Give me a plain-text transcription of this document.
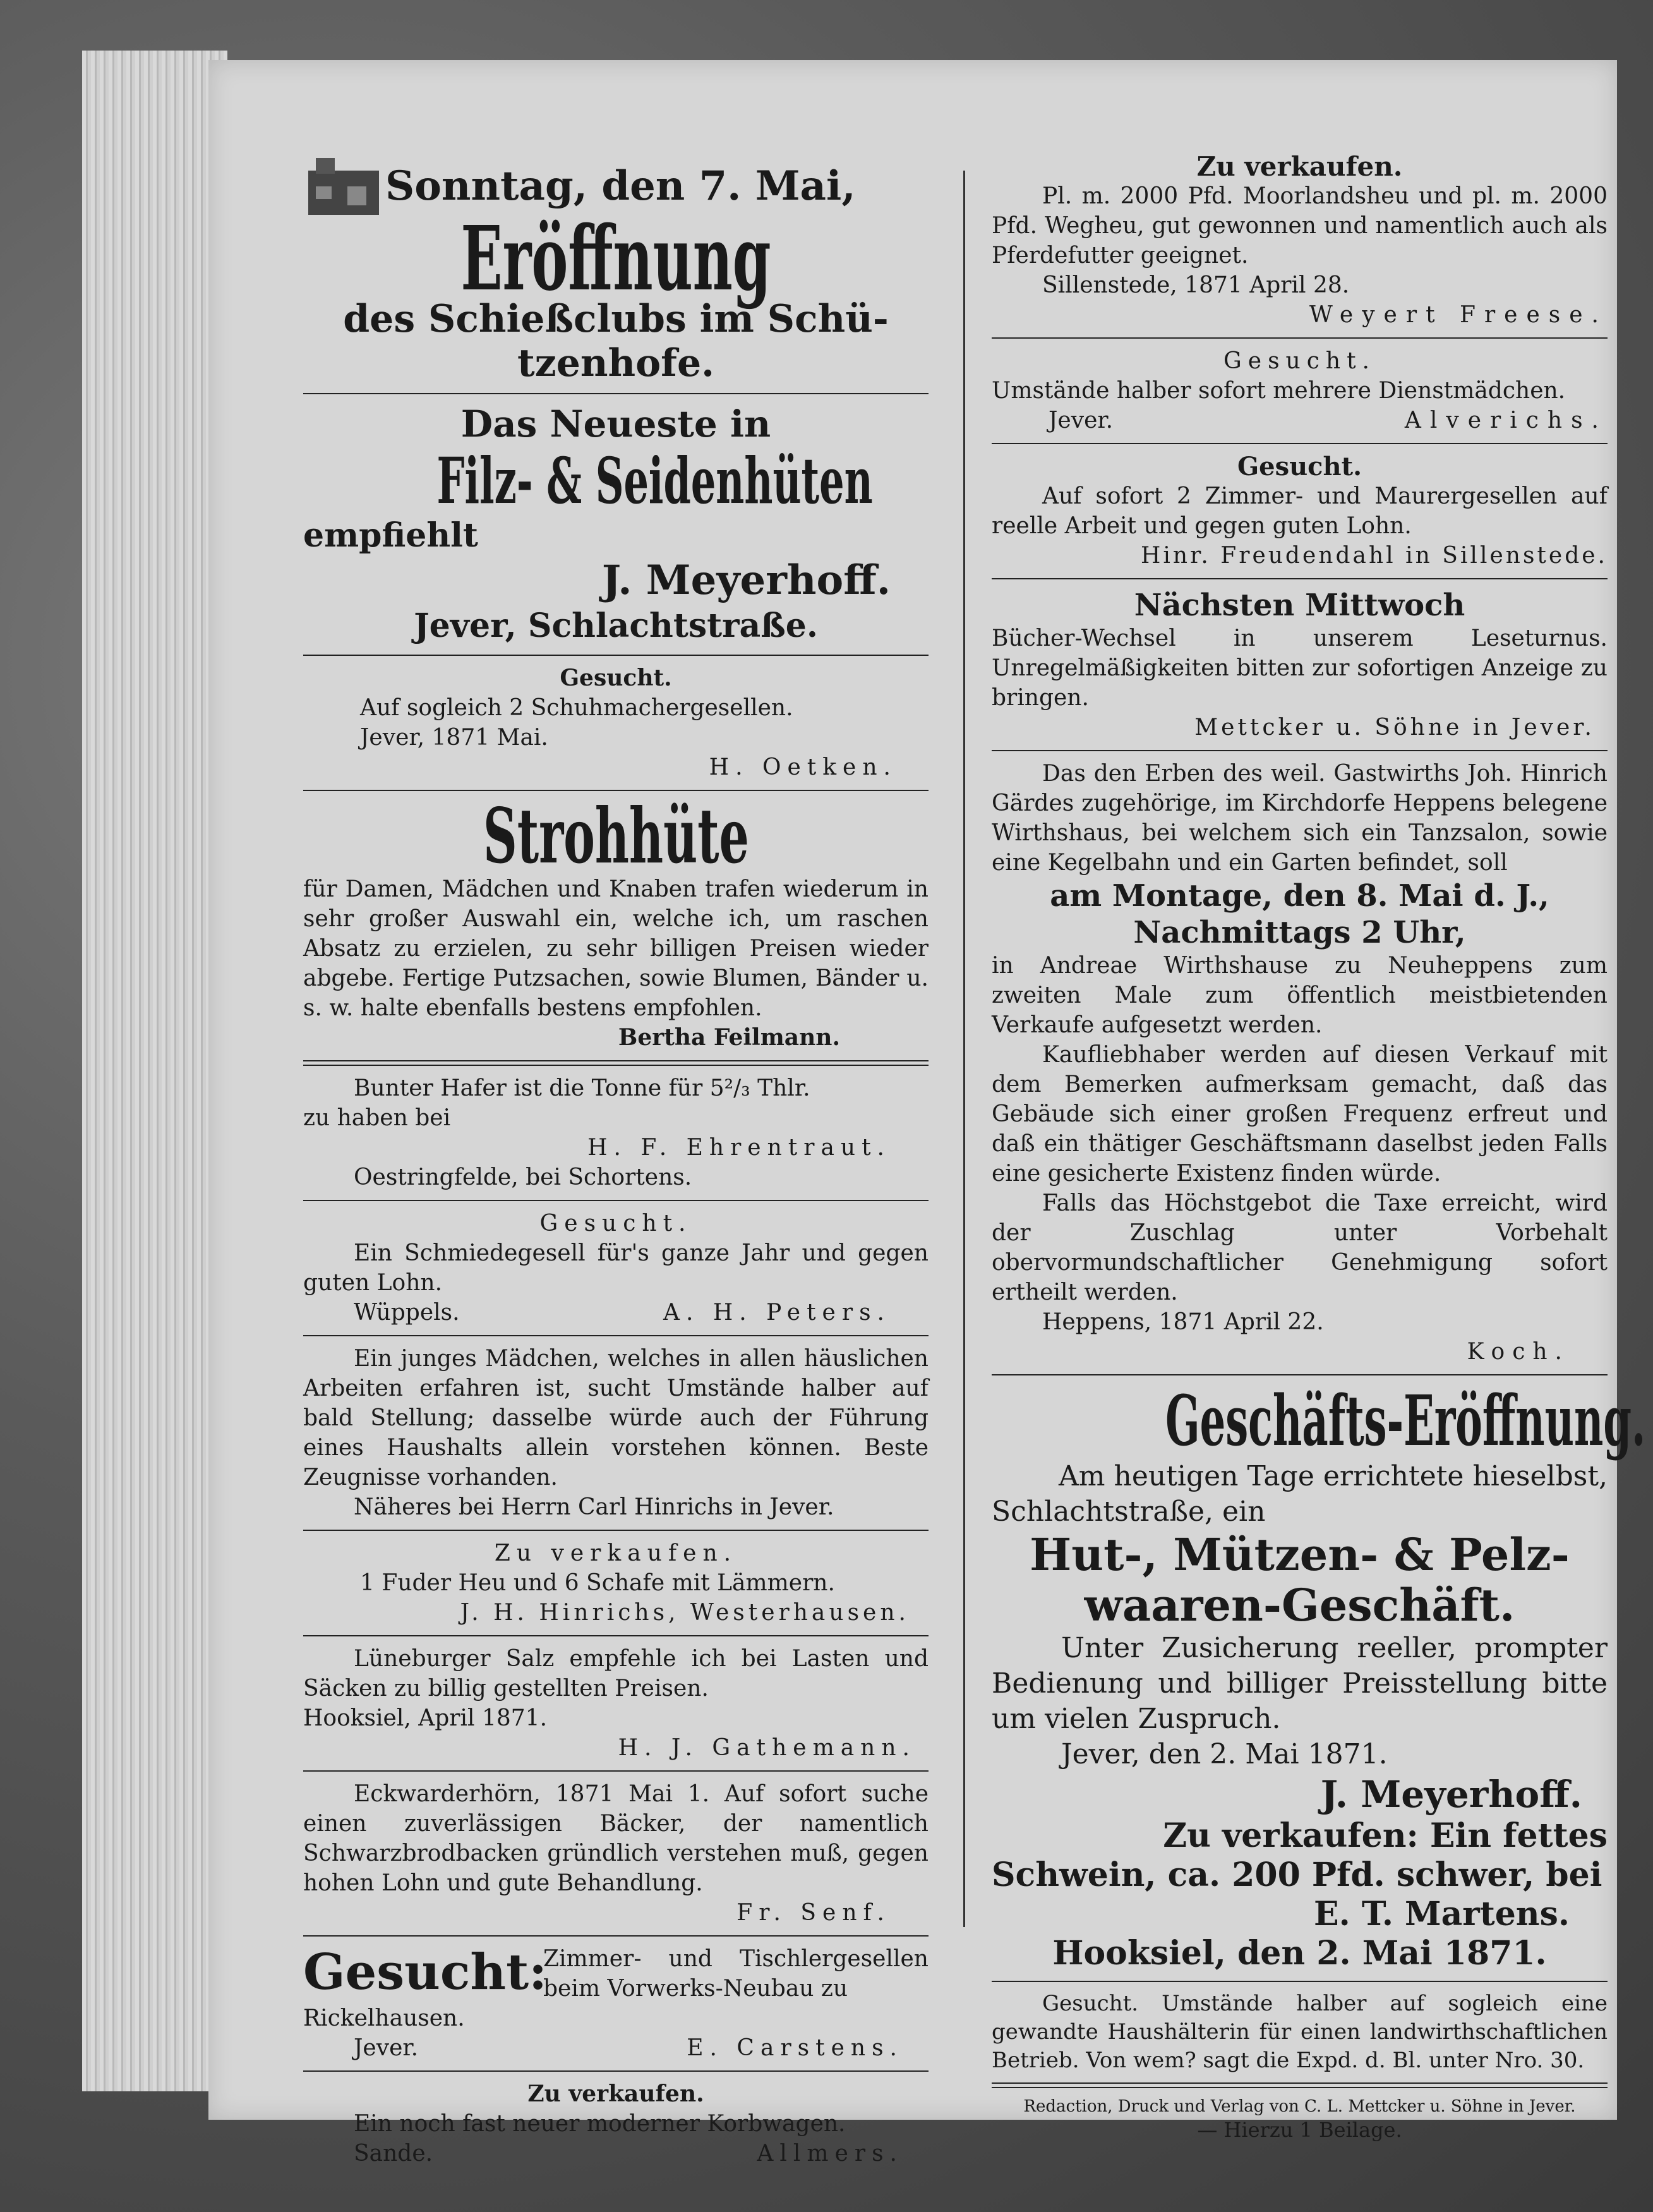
Sonntag, den 7. Mai,
Eröffnung
des Schießclubs im Schü-
tzenhofe.
Das Neueste in
Filz- & Seidenhüten
empfiehlt
J. Meyerhoff.
Jever, Schlachtstraße.
Gesucht.
Auf sogleich 2 Schuhmachergesellen.
Jever, 1871 Mai.
H. Oetken.
Strohhüte

für Damen, Mädchen und Knaben trafen wiederum in sehr großer Auswahl ein, welche ich, um raschen Absatz zu erzielen, zu sehr billigen Preisen wieder abgebe. Fertige Putzsachen, sowie Blumen, Bänder u. s. w. halte ebenfalls bestens empfohlen.

Bertha Feilmann.
Bunter Hafer ist die Tonne für 5²/₃ Thlr.
zu haben bei
H. F. Ehrentraut.
Oestringfelde, bei Schortens.
Gesucht.

Ein Schmiedegesell für's ganze Jahr und gegen guten Lohn.

Wüppels.	A. H. Peters.

Ein junges Mädchen, welches in allen häuslichen Arbeiten erfahren ist, sucht Umstände halber auf bald Stellung; dasselbe würde auch der Führung eines Haushalts allein vorstehen können. Beste Zeugnisse vorhanden.

Näheres bei Herrn Carl Hinrichs in Jever.
Zu verkaufen.
1 Fuder Heu und 6 Schafe mit Lämmern.
J. H. Hinrichs, Westerhausen.

Lüneburger Salz empfehle ich bei Lasten und Säcken zu billig gestellten Preisen.

Hooksiel, April 1871.
H. J. Gathemann.

Eckwarderhörn, 1871 Mai 1. Auf sofort suche einen zuverlässigen Bäcker, der namentlich Schwarzbrodbacken gründlich verstehen muß, gegen hohen Lohn und gute Behandlung.

Fr. Senf.
Gesucht:
Zimmer- und Tischlergesellen beim Vorwerks-Neubau zu
Rickelhausen.
Jever.	E. Carstens.
Zu verkaufen.
Ein noch fast neuer moderner Korbwagen.
Sande.	Allmers.
Zu verkaufen.

Pl. m. 2000 Pfd. Moorlandsheu und pl. m. 2000 Pfd. Wegheu, gut gewonnen und namentlich auch als Pferdefutter geeignet.

Sillenstede, 1871 April 28.
Weyert Freese.
Gesucht.
Umstände halber sofort mehrere Dienstmädchen.
Jever.	Alverichs.
Gesucht.

Auf sofort 2 Zimmer- und Maurergesellen auf reelle Arbeit und gegen guten Lohn.

Hinr. Freudendahl in Sillenstede.
Nächsten Mittwoch

Bücher-Wechsel in unserem Leseturnus. Unregelmäßigkeiten bitten zur sofortigen Anzeige zu bringen.

Mettcker u. Söhne in Jever.

Das den Erben des weil. Gastwirths Joh. Hinrich Gärdes zugehörige, im Kirchdorfe Heppens belegene Wirthshaus, bei welchem sich ein Tanzsalon, sowie eine Kegelbahn und ein Garten befindet, soll

am Montage, den 8. Mai d. J.,
Nachmittags 2 Uhr,

in Andreae Wirthshause zu Neuheppens zum zweiten Male zum öffentlich meistbietenden Verkaufe aufgesetzt werden.

Kaufliebhaber werden auf diesen Verkauf mit dem Bemerken aufmerksam gemacht, daß das Gebäude sich einer großen Frequenz erfreut und daß ein thätiger Geschäftsmann daselbst jeden Falls eine gesicherte Existenz finden würde.

Falls das Höchstgebot die Taxe erreicht, wird der Zuschlag unter Vorbehalt obervormundschaftlicher Genehmigung sofort ertheilt werden.

Heppens, 1871 April 22.
Koch.
Geschäfts-Eröffnung.
Am heutigen Tage errichtete hieselbst,
Schlachtstraße, ein
Hut-, Mützen- & Pelz-
waaren-Geschäft.

Unter Zusicherung reeller, prompter Bedienung und billiger Preisstellung bitte um vielen Zuspruch.

Jever, den 2. Mai 1871.
J. Meyerhoff.
Zu verkaufen: Ein fettes
Schwein, ca. 200 Pfd. schwer, bei
E. T. Martens.
Hooksiel, den 2. Mai 1871.

Gesucht. Umstände halber auf sogleich eine gewandte Haushälterin für einen landwirthschaftlichen Betrieb. Von wem? sagt die Expd. d. Bl. unter Nro. 30.

Redaction, Druck und Verlag von C. L. Mettcker u. Söhne in Jever.
— Hierzu 1 Beilage.
